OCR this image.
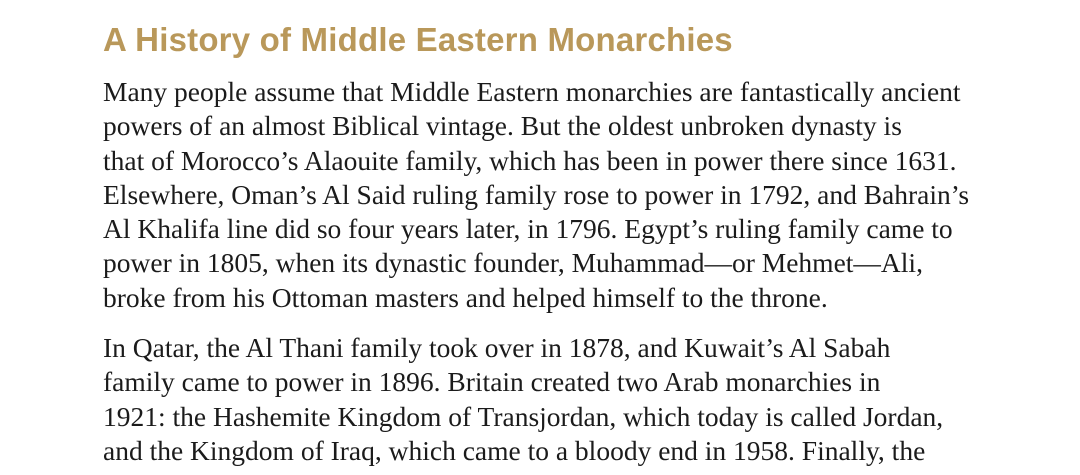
A History of Middle Eastern Monarchies

Many people assume that Middle Eastern monarchies are fantastically ancient
powers of an almost Biblical vintage. But the oldest unbroken dynasty is
that of Morocco’s Alaouite family, which has been in power there since 1631.
Elsewhere, Oman’s Al Said ruling family rose to power in 1792, and Bahrain’s
Al Khalifa line did so four years later, in 1796. Egypt’s ruling family came to
power in 1805, when its dynastic founder, Muhammad—or Mehmet—Ali,
broke from his Ottoman masters and helped himself to the throne.

In Qatar, the Al Thani family took over in 1878, and Kuwait’s Al Sabah
family came to power in 1896. Britain created two Arab monarchies in
1921: the Hashemite Kingdom of Transjordan, which today is called Jordan,
and the Kingdom of Iraq, which came to a bloody end in 1958. Finally, the
